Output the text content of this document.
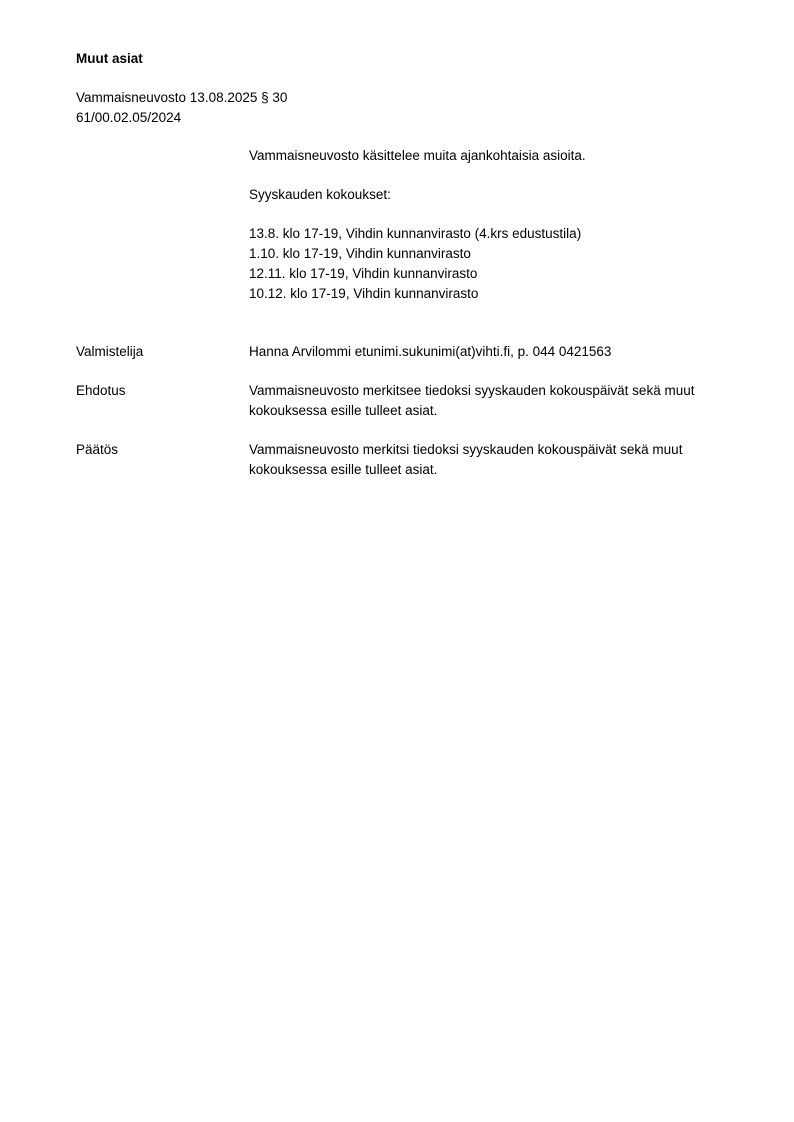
Muut asiat
Vammaisneuvosto 13.08.2025 § 30
61/00.02.05/2024
Vammaisneuvosto käsittelee muita ajankohtaisia asioita.
Syyskauden kokoukset:
13.8. klo 17-19, Vihdin kunnanvirasto (4.krs edustustila)
1.10. klo 17-19, Vihdin kunnanvirasto
12.11. klo 17-19, Vihdin kunnanvirasto
10.12. klo 17-19, Vihdin kunnanvirasto
Valmistelija	Hanna Arvilommi etunimi.sukunimi(at)vihti.fi, p. 044 0421563
Ehdotus	Vammaisneuvosto merkitsee tiedoksi syyskauden kokouspäivät sekä muut
kokouksessa esille tulleet asiat.
Päätös	Vammaisneuvosto merkitsi tiedoksi syyskauden kokouspäivät sekä muut
kokouksessa esille tulleet asiat.
